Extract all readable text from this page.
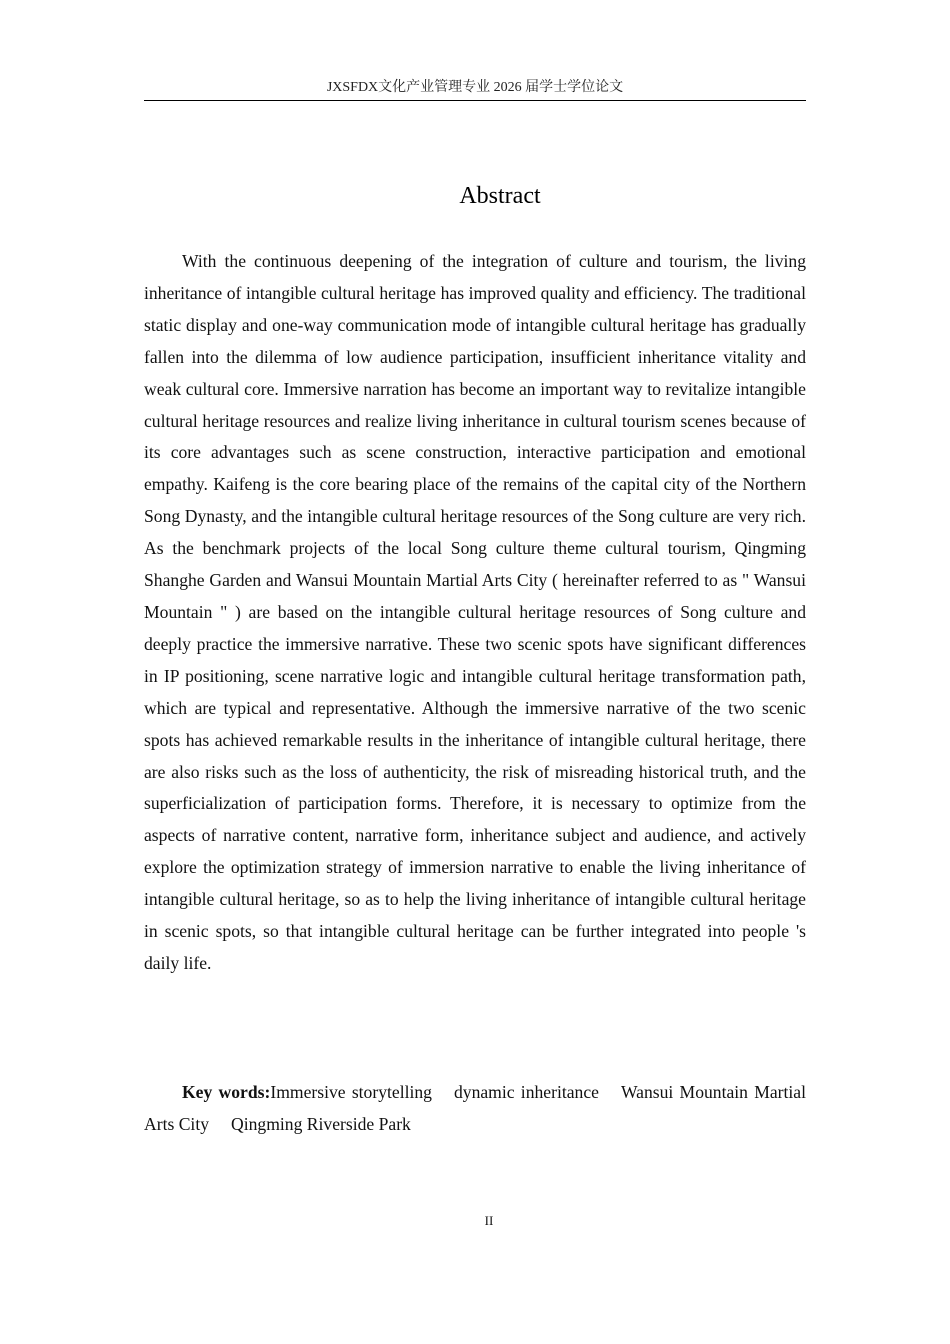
JXSFDX文化产业管理专业 2026 届学士学位论文
Abstract

With the continuous deepening of the integration of culture and tourism, the living inheritance of intangible cultural heritage has improved quality and efficiency. The traditional static display and one-way communication mode of intangible cultural heritage has gradually fallen into the dilemma of low audience participation, insufficient inheritance vitality and weak cultural core. Immersive narration has become an important way to revitalize intangible cultural heritage resources and realize living inheritance in cultural tourism scenes because of its core advantages such as scene construction, interactive participation and emotional empathy. Kaifeng is the core bearing place of the remains of the capital city of the Northern Song Dynasty, and the intangible cultural heritage resources of the Song culture are very rich. As the benchmark projects of the local Song culture theme cultural tourism, Qingming Shanghe Garden and Wansui Mountain Martial Arts City ( hereinafter referred to as " Wansui Mountain " ) are based on the intangible cultural heritage resources of Song culture and deeply practice the immersive narrative. These two scenic spots have significant differences in IP positioning, scene narrative logic and intangible cultural heritage transformation path, which are typical and representative. Although the immersive narrative of the two scenic spots has achieved remarkable results in the inheritance of intangible cultural heritage, there are also risks such as the loss of authenticity, the risk of misreading historical truth, and the superficialization of participation forms. Therefore, it is necessary to optimize from the aspects of narrative content, narrative form, inheritance subject and audience, and actively explore the optimization strategy of immersion narrative to enable the living inheritance of intangible cultural heritage, so as to help the living inheritance of intangible cultural heritage in scenic spots, so that intangible cultural heritage can be further integrated into people 's daily life.

Key words:Immersive storytelling dynamic inheritance Wansui Mountain Martial Arts City Qingming Riverside Park

II
